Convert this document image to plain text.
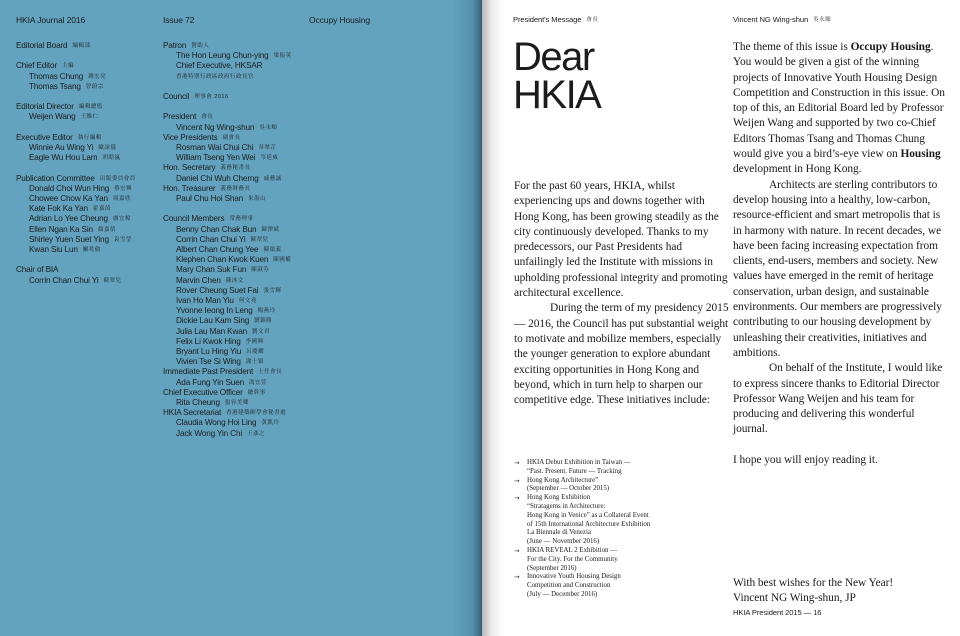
HKIA Journal 2016	Issue 72	Occupy Housing
Editorial Board 編輯部
Chief Editor 主編
Thomas Chung 鍾宏亮
Thomas Tsang 曾蔚宗
Editorial Director 編輯總監
Weijen Wang 王維仁
Executive Editor 執行編輯
Winnie Au Wing Yi 歐詠儀
Eagle Wu Hou Lam 胡皓嵐
Publication Committee 出版委員會員
Donald Choi Wun Hing 蔡宏興
Chowee Chow Ka Yan 周嘉欣
Kate Fok Ka Yan 霍嘉茵
Adrian Lo Yee Cheung 盧宜樟
Ellen Ngan Ka Sin 顏嘉倩
Shirley Yuen Suet Ying 袁雪瑩
Kwan Siu Lun 關兆倫
Chair of BIA
Corrin Chan Chui Yi 陳翠兒
Patron 贊助人
The Hon Leung Chun-ying 梁振英
Chief Executive, HKSAR
香港特別行政區政府行政長官
Council 理事會 2016
President 會長
Vincent Ng Wing-shun 吳永順
Vice Presidents 副會長
Rosman Wai Chui Chi 韋翠芷
William Tseng Yen Wei 岑延威
Hon. Secretary 義務秘書長
Daniel Chi Wuh Cherng 戚務誠
Hon. Treasurer 義務財務長
Paul Chu Hoi Shan 朱海山
Council Members 常務理事
Benny Chan Chak Bun 陳澤斌
Corrin Chan Chui Yi 陳翠兒
Albert Chan Chung Yee 陳頌義
Klephen Chan Kwok Kuen 陳國權
Mary Chan Suk Fun 陳淑芬
Marvin Chen 陳沐文
Rover Cheung Suet Fai 張雪輝
Ivan Ho Man Yiu 何文堯
Yvonne Ieong In Leng 楊燕玲
Dickie Lau Kam Sing 劉錦勝
Julia Lau Man Kwan 劉文君
Felix Li Kwok Hing 李國興
Bryant Lu Hing Yiu 呂慶耀
Vivien Tse Si Wing 謝士穎
Immediate Past President 上任會長
Ada Fung Yin Suen 馮宜萱
Chief Executive Officer 總幹事
Rita Cheung 張容美卿
HKIA Secretariat 香港建築師學會秘書處
Claudia Wong Hoi Ling 黃凱玲
Jack Wong Yin Chi 王彥之
President's Message 會長	Vincent NG Wing-shun 吳永順
Dear
HKIA

For the past 60 years, HKIA, whilst experiencing ups and downs together with Hong Kong, has been growing steadily as the city continuously developed. Thanks to my predecessors, our Past Presidents had unfailingly led the Institute with missions in upholding professional integrity and promoting architectural excellence.

During the term of my presidency 2015 — 2016, the Council has put substantial weight to motivate and mobilize members, especially the younger generation to explore abundant exciting opportunities in Hong Kong and beyond, which in turn help to sharpen our competitive edge. These initiatives include:

→ HKIA Debut Exhibition in Taiwan —
“Past. Present. Future — Tracking
→ Hong Kong Architecture”
(September — October 2015)
→ Hong Kong Exhibition
“Stratagems in Architecture:
Hong Kong in Venice” as a Collateral Event
of 15th International Architecture Exhibition
La Biennale di Venezia
(June — November 2016)
→ HKIA REVEAL 2 Exhibition —
For the City. For the Community
(September 2016)
→ Innovative Youth Housing Design
Competition and Construction
(July — December 2016)

The theme of this issue is Occupy Housing. You would be given a gist of the winning projects of Innovative Youth Housing Design Competition and Construction in this issue. On top of this, an Editorial Board led by Professor Weijen Wang and supported by two co-Chief Editors Thomas Tsang and Thomas Chung would give you a bird’s-eye view on Housing development in Hong Kong.

Architects are sterling contributors to develop housing into a healthy, low-carbon, resource-efficient and smart metropolis that is in harmony with nature. In recent decades, we have been facing increasing expectation from clients, end-users, members and society. New values have emerged in the remit of heritage conservation, urban design, and sustainable environments. Our members are progressively contributing to our housing development by unleashing their creativities, initiatives and ambitions.

On behalf of the Institute, I would like to express sincere thanks to Editorial Director Professor Wang Weijen and his team for producing and delivering this wonderful journal.

I hope you will enjoy reading it.

With best wishes for the New Year!

Vincent NG Wing-shun, JP

HKIA President 2015 — 16
